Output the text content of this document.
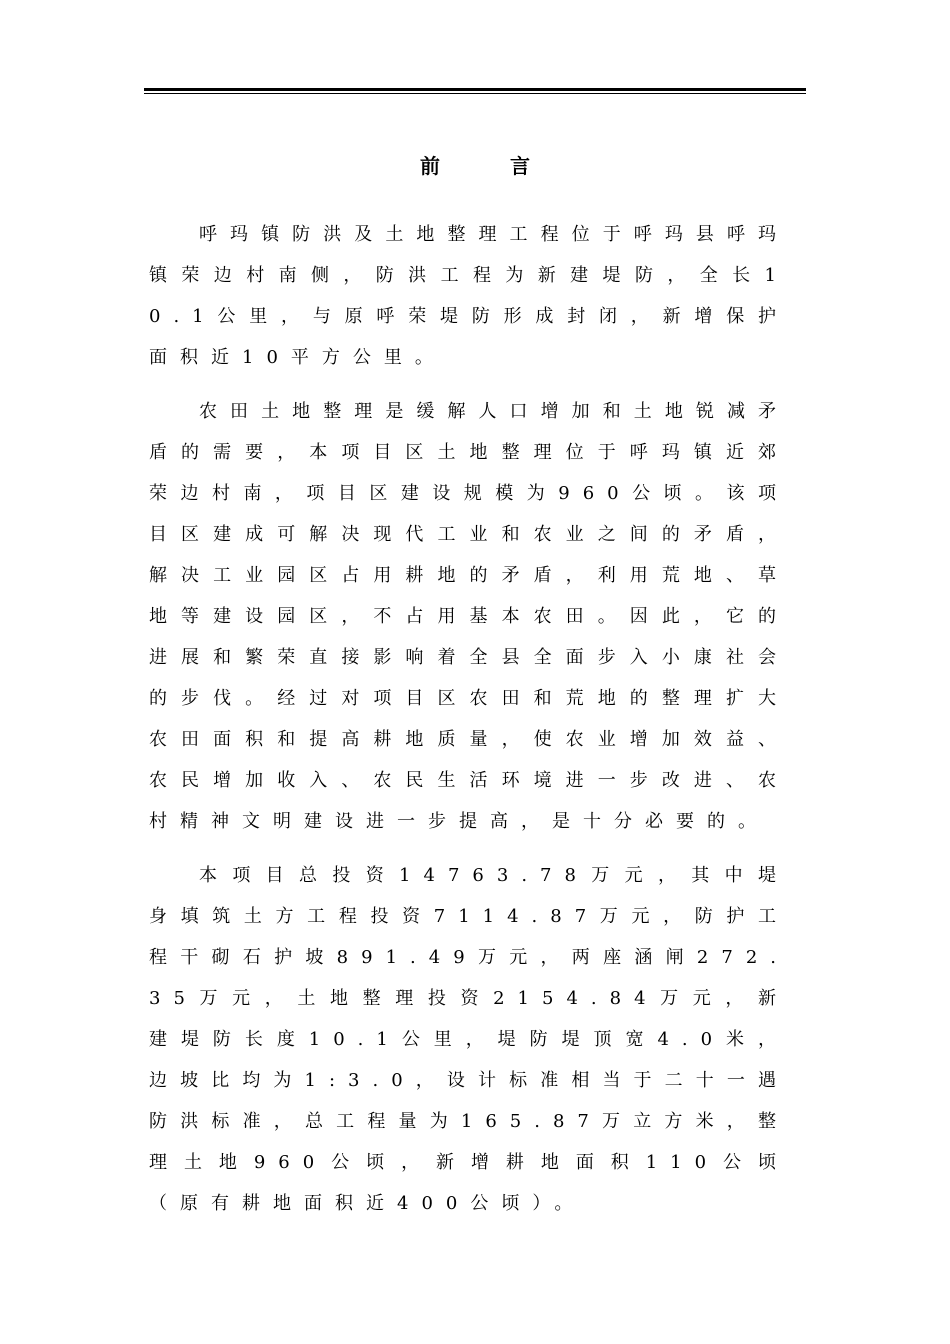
前言

呼玛镇防洪及土地整理工程位于呼玛县呼玛镇荣边村南侧，防洪工程为新建堤防，全长10.1公里，与原呼荣堤防形成封闭，新增保护面积近10平方公里。

农田土地整理是缓解人口增加和土地锐减矛盾的需要，本项目区土地整理位于呼玛镇近郊荣边村南，项目区建设规模为960公顷。该项目区建成可解决现代工业和农业之间的矛盾，解决工业园区占用耕地的矛盾，利用荒地、草地等建设园区，不占用基本农田。因此，它的进展和繁荣直接影响着全县全面步入小康社会的步伐。经过对项目区农田和荒地的整理扩大农田面积和提高耕地质量，使农业增加效益、农民增加收入、农民生活环境进一步改进、农村精神文明建设进一步提高，是十分必要的。

本项目总投资14763.78万元，其中堤身填筑土方工程投资7114.87万元，防护工程干砌石护坡891.49万元，两座涵闸272.35万元，土地整理投资2154.84万元，新建堤防长度10.1公里，堤防堤顶宽4.0米，边坡比均为1:3.0，设计标准相当于二十一遇防洪标准，总工程量为165.87万立方米，整理土地960公顷，新增耕地面积110公顷（原有耕地面积近400公顷）。
